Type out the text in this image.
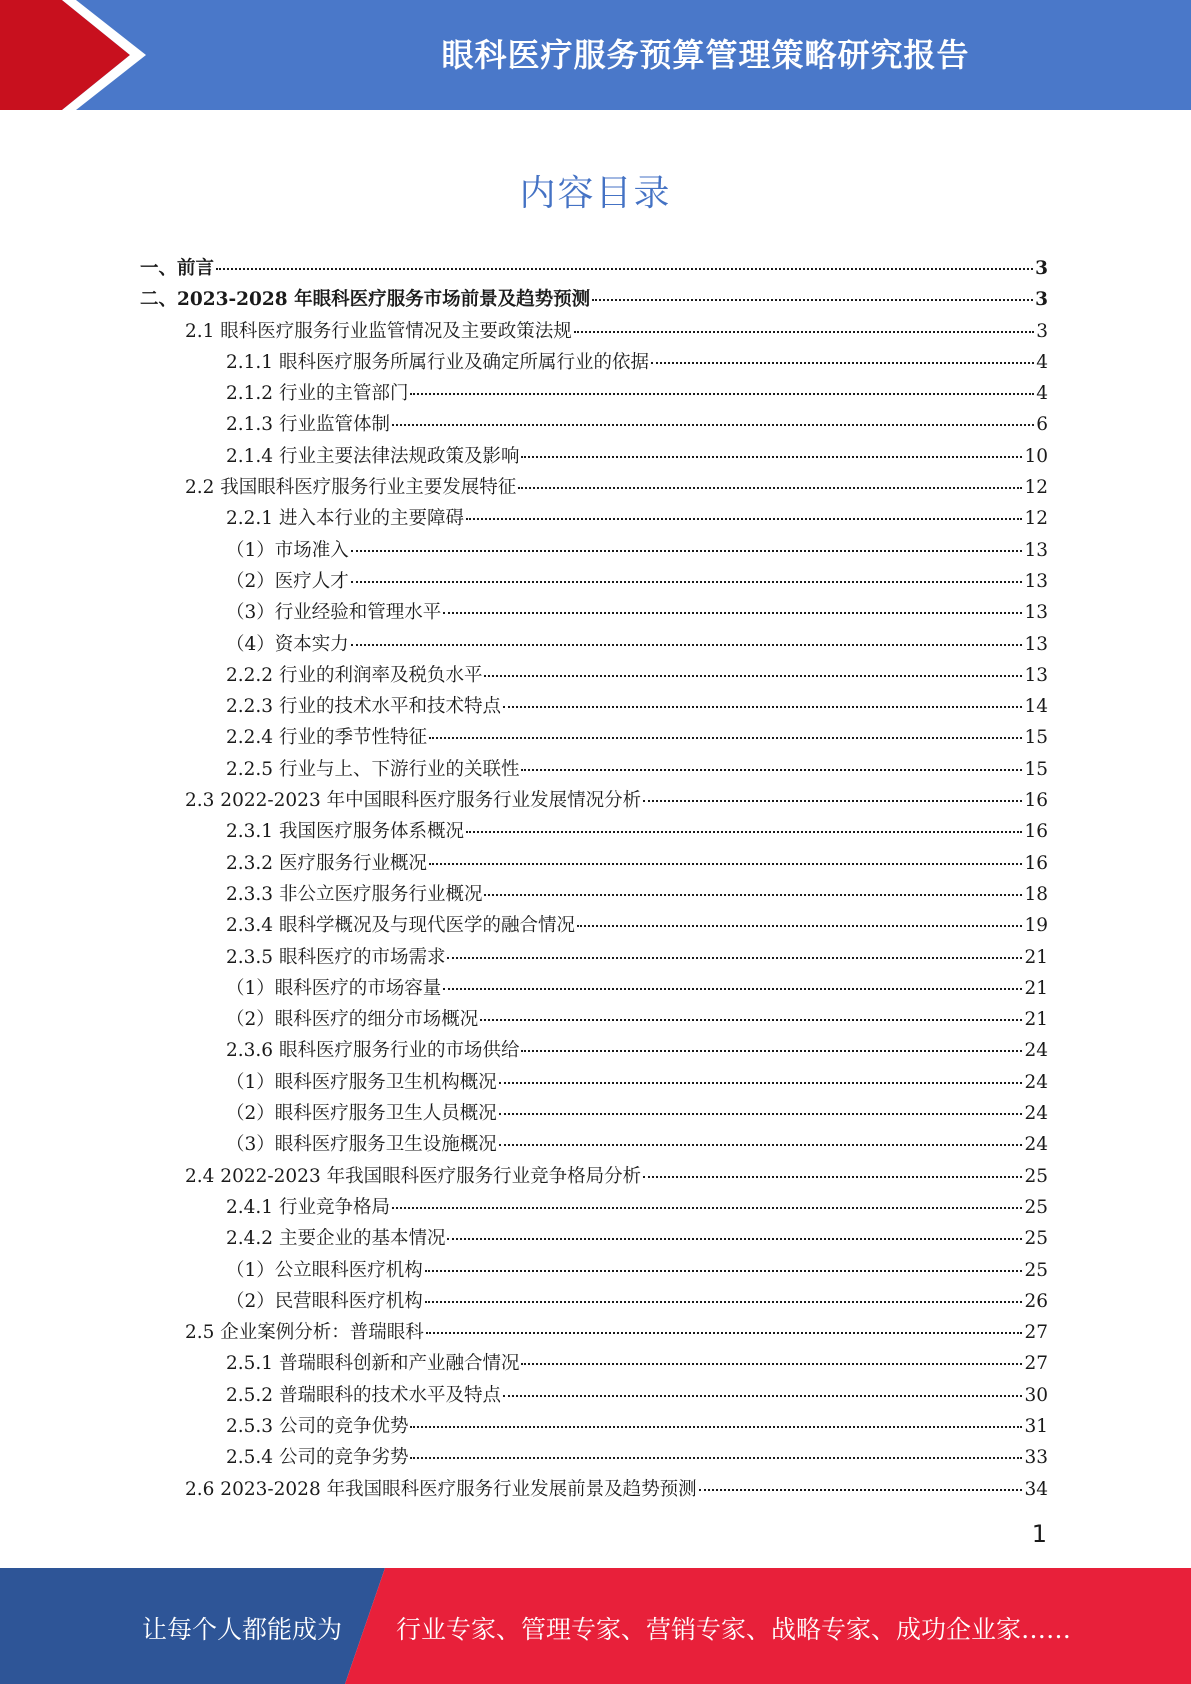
眼科医疗服务预算管理策略研究报告
内容目录
一、前言	3
二、2023-2028 年眼科医疗服务市场前景及趋势预测	3
2.1 眼科医疗服务行业监管情况及主要政策法规	3
2.1.1 眼科医疗服务所属行业及确定所属行业的依据	4
2.1.2 行业的主管部门	4
2.1.3 行业监管体制	6
2.1.4 行业主要法律法规政策及影响	10
2.2 我国眼科医疗服务行业主要发展特征	12
2.2.1 进入本行业的主要障碍	12
（1）市场准入	13
（2）医疗人才	13
（3）行业经验和管理水平	13
（4）资本实力	13
2.2.2 行业的利润率及税负水平	13
2.2.3 行业的技术水平和技术特点	14
2.2.4 行业的季节性特征	15
2.2.5 行业与上、下游行业的关联性	15
2.3 2022-2023 年中国眼科医疗服务行业发展情况分析	16
2.3.1 我国医疗服务体系概况	16
2.3.2 医疗服务行业概况	16
2.3.3 非公立医疗服务行业概况	18
2.3.4 眼科学概况及与现代医学的融合情况	19
2.3.5 眼科医疗的市场需求	21
（1）眼科医疗的市场容量	21
（2）眼科医疗的细分市场概况	21
2.3.6 眼科医疗服务行业的市场供给	24
（1）眼科医疗服务卫生机构概况	24
（2）眼科医疗服务卫生人员概况	24
（3）眼科医疗服务卫生设施概况	24
2.4 2022-2023 年我国眼科医疗服务行业竞争格局分析	25
2.4.1 行业竞争格局	25
2.4.2 主要企业的基本情况	25
（1）公立眼科医疗机构	25
（2）民营眼科医疗机构	26
2.5 企业案例分析：普瑞眼科	27
2.5.1 普瑞眼科创新和产业融合情况	27
2.5.2 普瑞眼科的技术水平及特点	30
2.5.3 公司的竞争优势	31
2.5.4 公司的竞争劣势	33
2.6 2023-2028 年我国眼科医疗服务行业发展前景及趋势预测	34
1
让每个人都能成为 行业专家、管理专家、营销专家、战略专家、成功企业家……
